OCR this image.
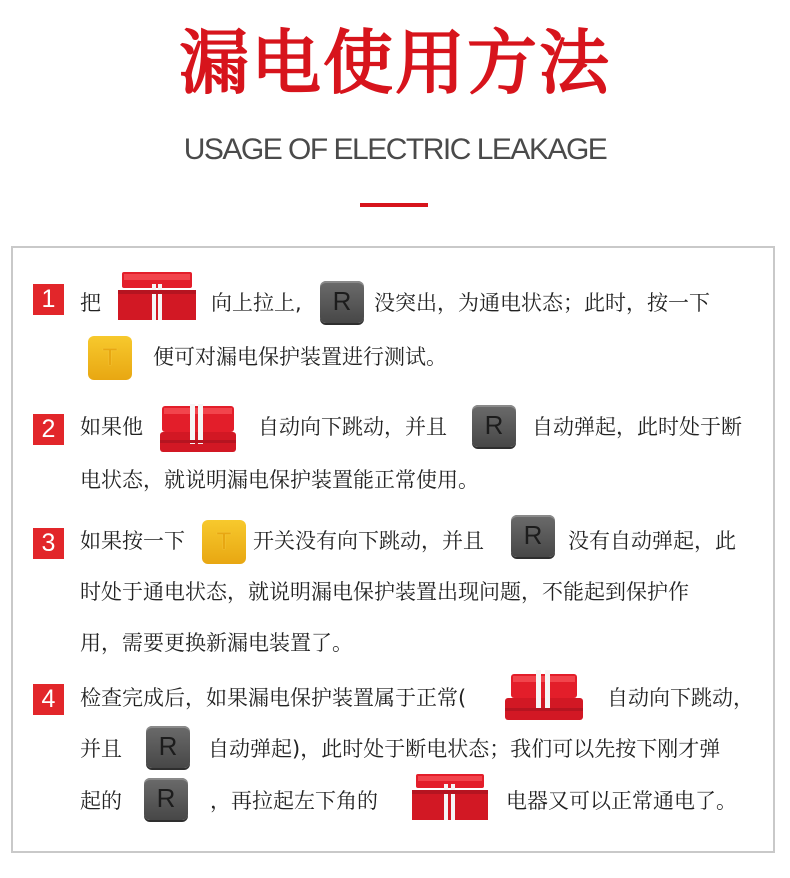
漏电使用方法
USAGE OF ELECTRIC LEAKAGE
1	把	向上拉上,	R	没突出，为通电状态；此时，按一下
T	便可对漏电保护装置进行测试。
2	如果他	自动向下跳动，并且	R	自动弹起，此时处于断
电状态，就说明漏电保护装置能正常使用。
3	如果按一下	T	开关没有向下跳动，并且	R	没有自动弹起，此
时处于通电状态，就说明漏电保护装置出现问题，不能起到保护作
用，需要更换新漏电装置了。
4	检查完成后，如果漏电保护装置属于正常(	自动向下跳动，
并且	R	自动弹起)，此时处于断电状态；我们可以先按下刚才弹
起的	R	，再拉起左下角的	电器又可以正常通电了。
